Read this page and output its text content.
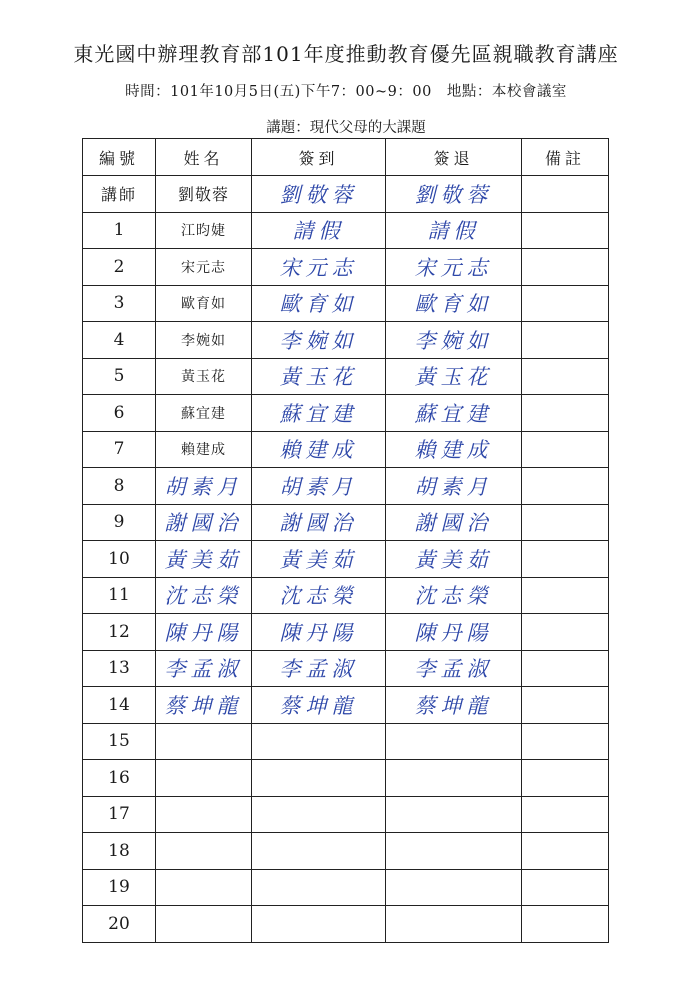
東光國中辦理教育部101年度推動教育優先區親職教育講座
時間：101年10月5日(五)下午7：00~9：00　地點：本校會議室
講題：現代父母的大課題
編號	姓名	簽到	簽退	備註
講師	劉敬蓉	劉敬蓉	劉敬蓉	
1	江昀婕	請假	請假	
2	宋元志	宋元志	宋元志	
3	歐育如	歐育如	歐育如	
4	李婉如	李婉如	李婉如	
5	黃玉花	黃玉花	黃玉花	
6	蘇宜建	蘇宜建	蘇宜建	
7	賴建成	賴建成	賴建成	
8	胡素月	胡素月	胡素月	
9	謝國治	謝國治	謝國治	
10	黃美茹	黃美茹	黃美茹	
11	沈志榮	沈志榮	沈志榮	
12	陳丹陽	陳丹陽	陳丹陽	
13	李孟淑	李孟淑	李孟淑	
14	蔡坤龍	蔡坤龍	蔡坤龍	
15				
16				
17				
18				
19				
20				
